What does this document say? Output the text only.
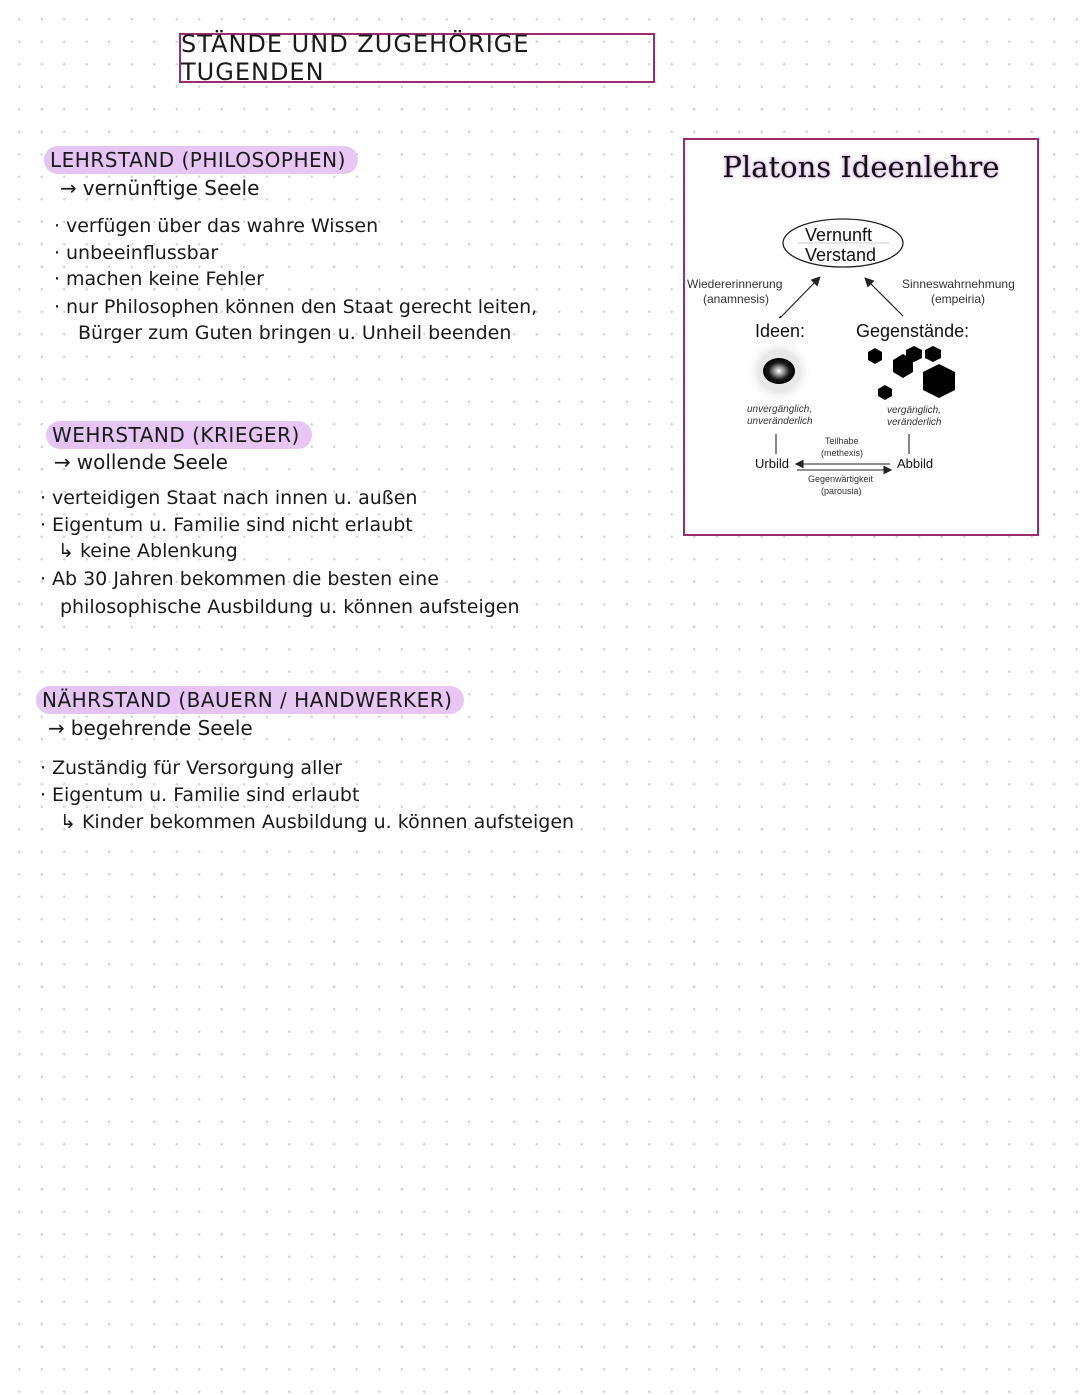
STÄNDE UND ZUGEHÖRIGE TUGENDEN
LEHRSTAND (PHILOSOPHEN)
→ vernünftige Seele
· verfügen über das wahre Wissen
· unbeeinflussbar
· machen keine Fehler
· nur Philosophen können den Staat gerecht leiten,
Bürger zum Guten bringen u. Unheil beenden
WEHRSTAND (KRIEGER)
→ wollende Seele
· verteidigen Staat nach innen u. außen
· Eigentum u. Familie sind nicht erlaubt
↳ keine Ablenkung
· Ab 30 Jahren bekommen die besten eine
philosophische Ausbildung u. können aufsteigen
NÄHRSTAND (BAUERN / HANDWERKER)
→ begehrende Seele
· Zuständig für Versorgung aller
· Eigentum u. Familie sind erlaubt
↳ Kinder bekommen Ausbildung u. können aufsteigen
Platons Ideenlehre
Vernunft
Verstand
Wiedererinnerung
(anamnesis)
Sinneswahrnehmung
(empeiria)
Ideen:	Gegenstände:
unvergänglich,
unveränderlich
vergänglich,
veränderlich
Teilhabe
(methexis)
Urbild	Abbild
Gegenwärtigkeit
(parousia)
